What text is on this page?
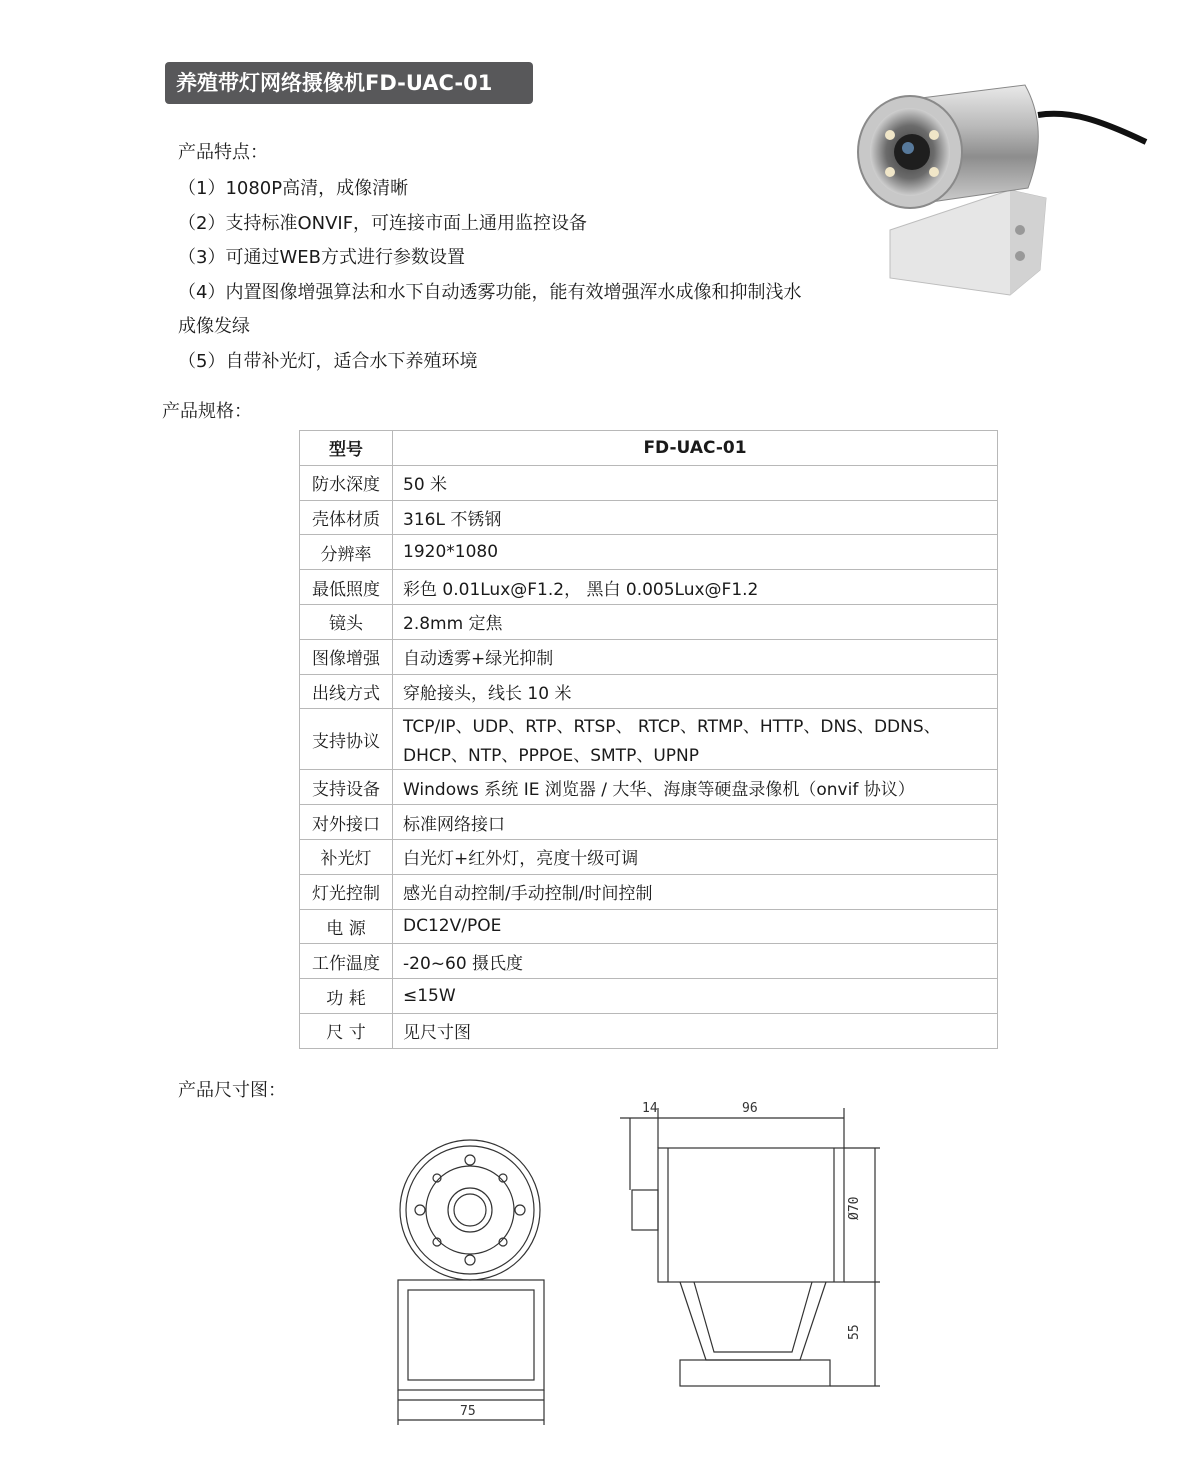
养殖带灯网络摄像机FD-UAC-01
产品特点：
（1）1080P高清，成像清晰
（2）支持标准ONVIF，可连接市面上通用监控设备
（3）可通过WEB方式进行参数设置
（4）内置图像增强算法和水下自动透雾功能，能有效增强浑水成像和抑制浅水
成像发绿
（5）自带补光灯，适合水下养殖环境
产品规格：
型号	FD-UAC-01
防水深度	50 米
壳体材质	316L 不锈钢
分辨率	1920*1080
最低照度	彩色 0.01Lux@F1.2， 黑白 0.005Lux@F1.2
镜头	2.8mm 定焦
图像增强	自动透雾+绿光抑制
出线方式	穿舱接头，线长 10 米
支持协议	TCP/IP、UDP、RTP、RTSP、 RTCP、RTMP、HTTP、DNS、DDNS、
DHCP、NTP、PPPOE、SMTP、UPNP

支持设备	Windows 系统 IE 浏览器 / 大华、海康等硬盘录像机（onvif 协议）
对外接口	标准网络接口
补光灯	白光灯+红外灯，亮度十级可调
灯光控制	感光自动控制/手动控制/时间控制
电 源	DC12V/POE
工作温度	-20~60 摄氏度
功 耗	≤15W
尺 寸	见尺寸图
产品尺寸图：
14	96
Ø70
55
75
